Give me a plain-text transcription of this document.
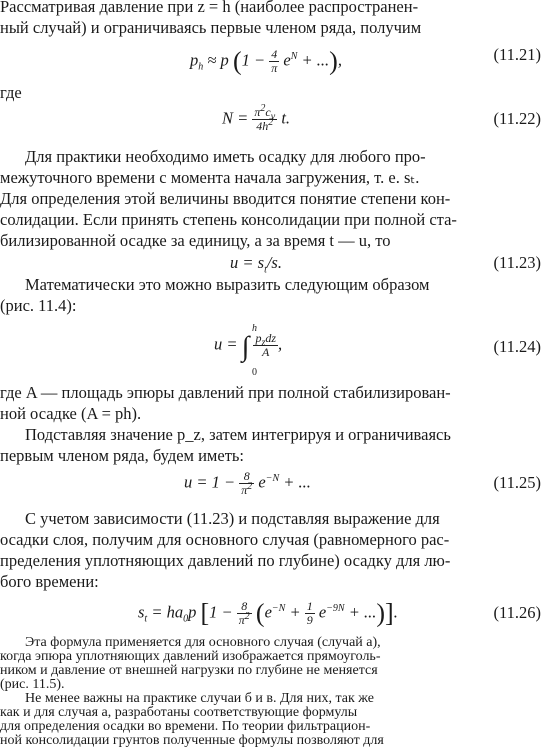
Рассматривая давление при z = h (наиболее распространен-
ный случай) и ограничиваясь первые членом ряда, получим
$p_h \approx p$ ($1 - \frac{4}{\pi} e^N$ + ...),	(11.21)
где
$N = \frac{\pi^2c_v}{4h^2} t$.	(11.22)
Для практики необходимо иметь осадку для любого про-
межуточного времени с момента начала загружения, т. е. sₜ.
Для определения этой величины вводится понятие степени кон-
солидации. Если принять степень консолидации при полной ста-
билизированной осадке за единицу, а за время t — u, то
$u = s_t/s$.	(11.23)
Математически это можно выразить следующим образом
(рис. 11.4):
h
u = ∫ $\frac{p_zdz}{A}$ ,
0
(11.24)
где A — площадь эпюры давлений при полной стабилизирован-
ной осадке (A = ph).
Подставляя значение p_z, затем интегрируя и ограничиваясь
первым членом ряда, будем иметь:
$u = 1 - \frac{8}{\pi^2} e^{-N}$ + ...	(11.25)
С учетом зависимости (11.23) и подставляя выражение для
осадки слоя, получим для основного случая (равномерного рас-
пределения уплотняющих давлений по глубине) осадку для лю-
бого времени:
$s_t = ha_0p$ [$1 - \frac{8}{\pi^2} (e^{-N} + \frac{1}{9} e^{-9N}$ + ...)].	(11.26)
Эта формула применяется для основного случая (случай а),
когда эпюра уплотняющих давлений изображается прямоуголь-
ником и давление от внешней нагрузки по глубине не меняется
(рис. 11.5).
Не менее важны на практике случаи б и в. Для них, так же
как и для случая а, разработаны соответствующие формулы
для определения осадки во времени. По теории фильтрацион-
ной консолидации грунтов полученные формулы позволяют для
